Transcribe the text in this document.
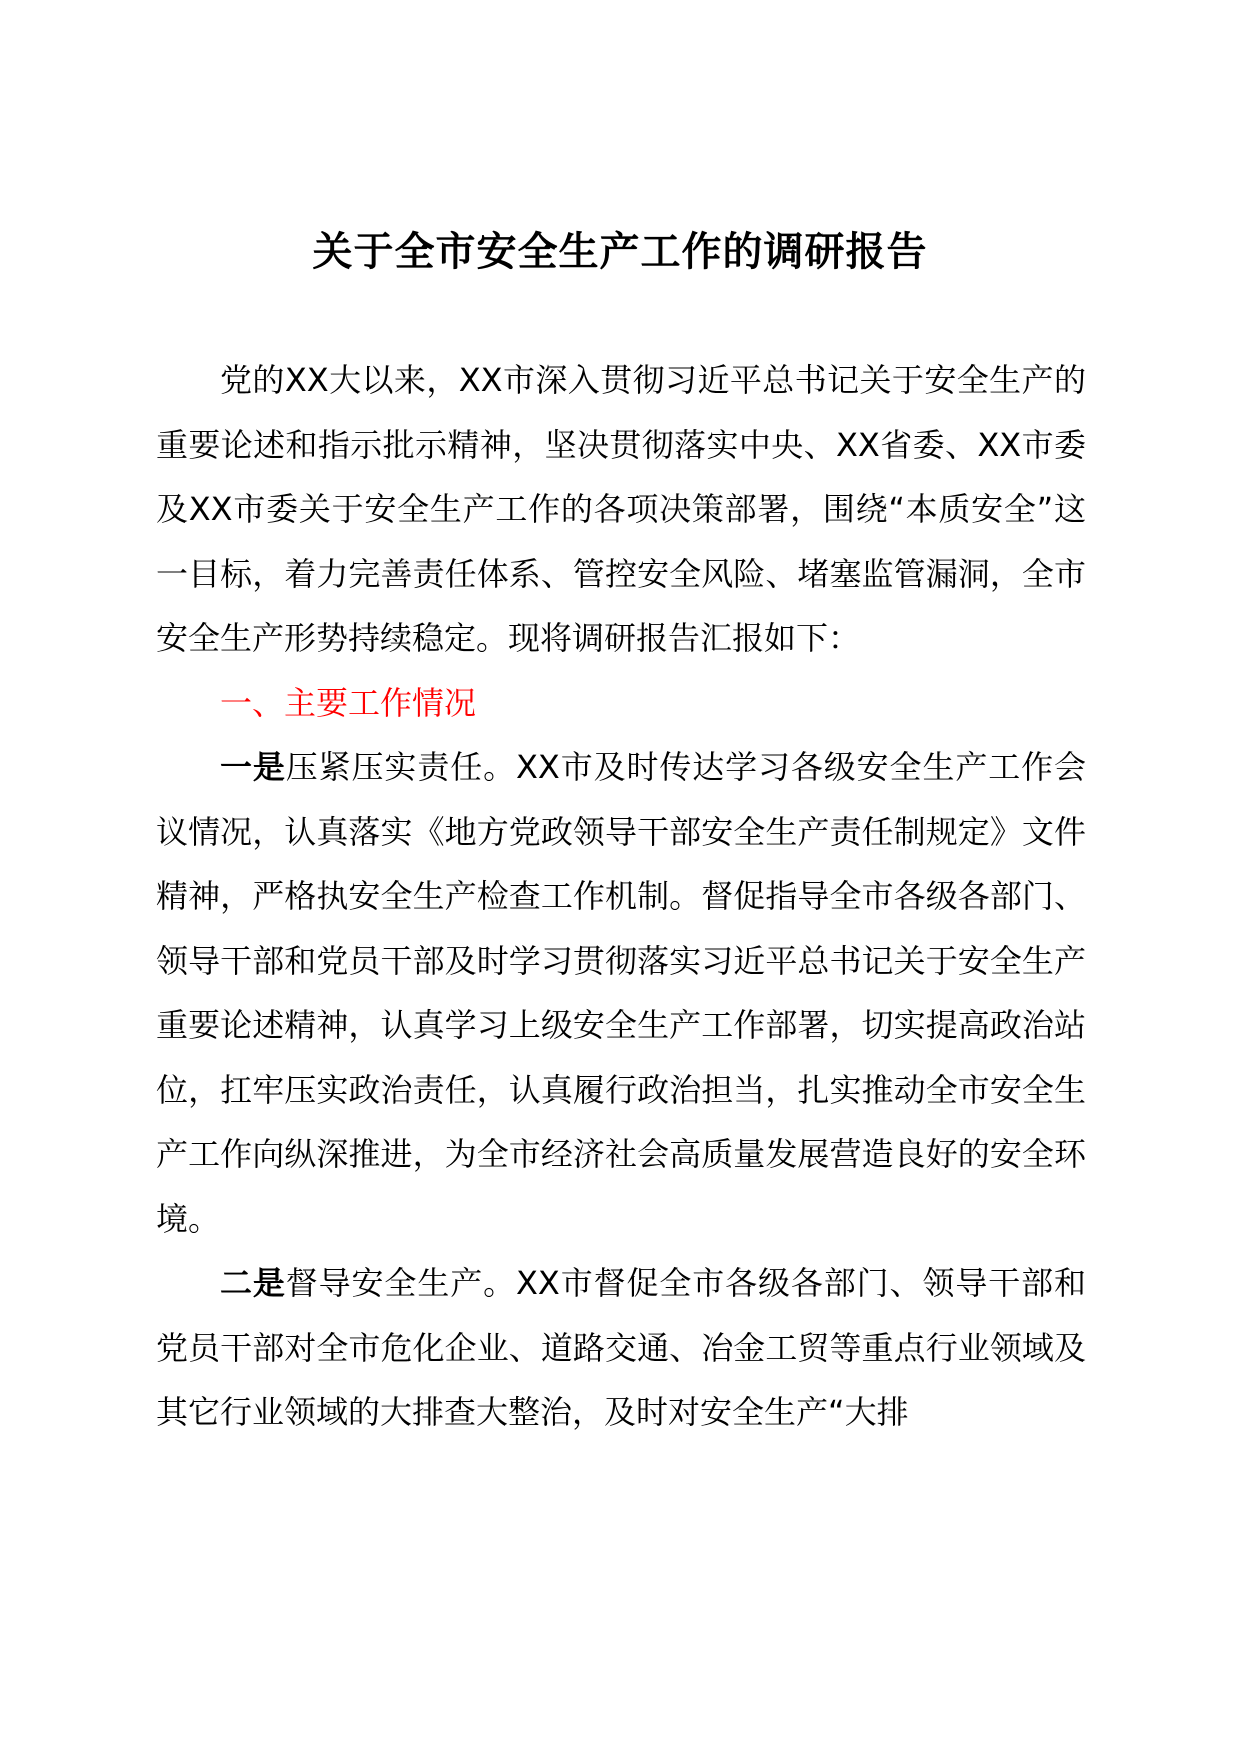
关于全市安全生产工作的调研报告

党的XX大以来，XX市深入贯彻习近平总书记关于安全生产的重要论述和指示批示精神，坚决贯彻落实中央、XX省委、XX市委及XX市委关于安全生产工作的各项决策部署，围绕“本质安全”这一目标，着力完善责任体系、管控安全风险、堵塞监管漏洞，全市安全生产形势持续稳定。现将调研报告汇报如下：

一、主要工作情况

一是压紧压实责任。XX市及时传达学习各级安全生产工作会议情况，认真落实《地方党政领导干部安全生产责任制规定》文件精神，严格执安全生产检查工作机制。督促指导全市各级各部门、领导干部和党员干部及时学习贯彻落实习近平总书记关于安全生产重要论述精神，认真学习上级安全生产工作部署，切实提高政治站位，扛牢压实政治责任，认真履行政治担当，扎实推动全市安全生产工作向纵深推进，为全市经济社会高质量发展营造良好的安全环境。

二是督导安全生产。XX市督促全市各级各部门、领导干部和党员干部对全市危化企业、道路交通、冶金工贸等重点行业领域及其它行业领域的大排查大整治，及时对安全生产“大排
